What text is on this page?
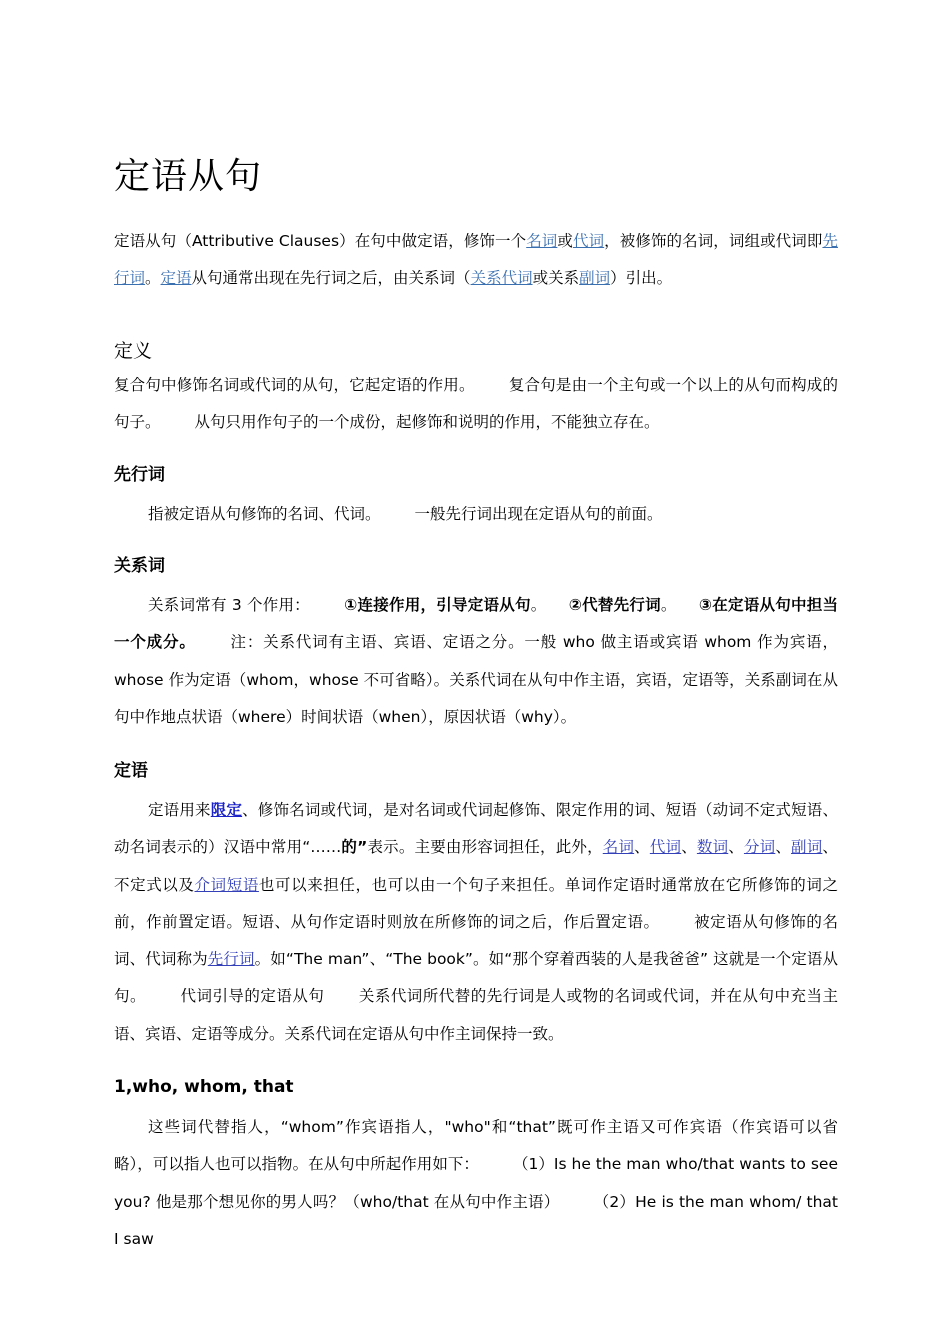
定语从句

定语从句（Attributive Clauses）在句中做定语，修饰一个名词或代词，被修饰的名词，词组或代词即先行词。定语从句通常出现在先行词之后，由关系词（关系代词或关系副词）引出。

定义

复合句中修饰名词或代词的从句，它起定语的作用。 复合句是由一个主句或一个以上的从句而构成的句子。 从句只用作句子的一个成份，起修饰和说明的作用，不能独立存在。

先行词

指被定语从句修饰的名词、代词。 一般先行词出现在定语从句的前面。

关系词

关系词常有 3 个作用： ①连接作用，引导定语从句。 ②代替先行词。 ③在定语从句中担当一个成分。 注：关系代词有主语、宾语、定语之分。一般 who 做主语或宾语 whom 作为宾语，whose 作为定语（whom，whose 不可省略）。关系代词在从句中作主语，宾语，定语等，关系副词在从句中作地点状语（where）时间状语（when），原因状语（why）。

定语

定语用来限定、修饰名词或代词，是对名词或代词起修饰、限定作用的词、短语（动词不定式短语、动名词表示的）汉语中常用“……的”表示。主要由形容词担任，此外，名词、代词、数词、分词、副词、不定式以及介词短语也可以来担任，也可以由一个句子来担任。单词作定语时通常放在它所修饰的词之前，作前置定语。短语、从句作定语时则放在所修饰的词之后，作后置定语。 被定语从句修饰的名词、代词称为先行词。如“The man”、“The book”。如“那个穿着西装的人是我爸爸” 这就是一个定语从句。 代词引导的定语从句 关系代词所代替的先行词是人或物的名词或代词，并在从句中充当主语、宾语、定语等成分。关系代词在定语从句中作主词保持一致。

1,who, whom, that

这些词代替指人，“whom”作宾语指人，"who"和“that”既可作主语又可作宾语（作宾语可以省略），可以指人也可以指物。在从句中所起作用如下： （1）Is he the man who/that wants to see you? 他是那个想见你的男人吗？（who/that 在从句中作主语） （2）He is the man whom/ that I saw
